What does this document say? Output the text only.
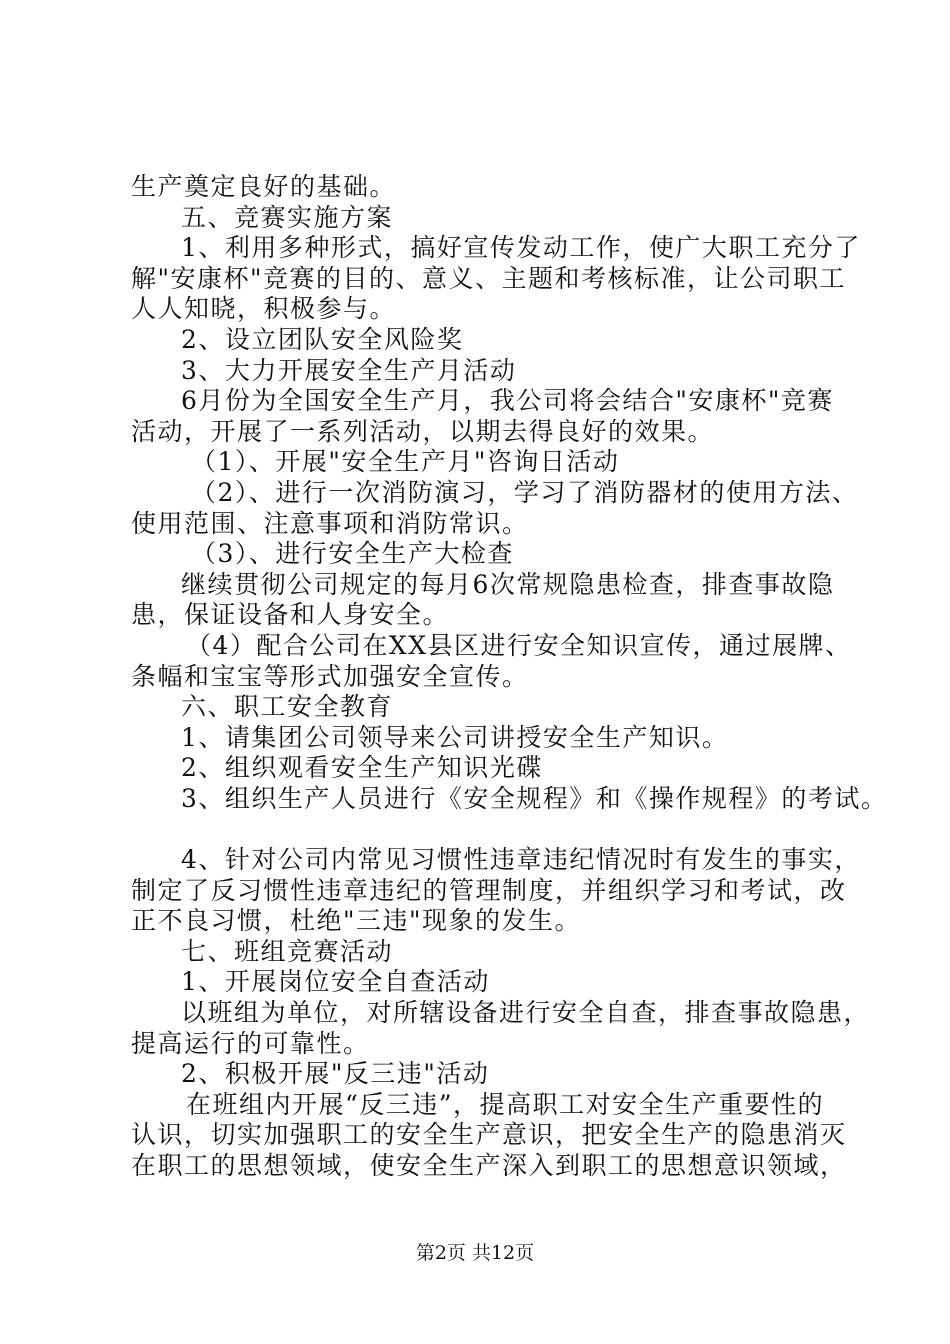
生产奠定良好的基础。
五、竞赛实施方案
1、利用多种形式，搞好宣传发动工作，使广大职工充分了
解"安康杯"竞赛的目的、意义、主题和考核标准，让公司职工
人人知晓，积极参与。
2、设立团队安全风险奖
3、大力开展安全生产月活动
6月份为全国安全生产月，我公司将会结合"安康杯"竞赛
活动，开展了一系列活动，以期去得良好的效果。
（1）、开展"安全生产月"咨询日活动
（2）、进行一次消防演习，学习了消防器材的使用方法、
使用范围、注意事项和消防常识。
（3）、进行安全生产大检查
继续贯彻公司规定的每月6次常规隐患检查，排查事故隐
患，保证设备和人身安全。
（4）配合公司在XX县区进行安全知识宣传，通过展牌、
条幅和宝宝等形式加强安全宣传。
六、职工安全教育
1、请集团公司领导来公司讲授安全生产知识。
2、组织观看安全生产知识光碟
3、组织生产人员进行《安全规程》和《操作规程》的考试。
4、针对公司内常见习惯性违章违纪情况时有发生的事实，
制定了反习惯性违章违纪的管理制度，并组织学习和考试，改
正不良习惯，杜绝"三违"现象的发生。
七、班组竞赛活动
1、开展岗位安全自查活动
以班组为单位，对所辖设备进行安全自查，排查事故隐患，
提高运行的可靠性。
2、积极开展"反三违"活动
在班组内开展“反三违”，提高职工对安全生产重要性的
认识，切实加强职工的安全生产意识，把安全生产的隐患消灭
在职工的思想领域，使安全生产深入到职工的思想意识领域，
第2页 共12页
